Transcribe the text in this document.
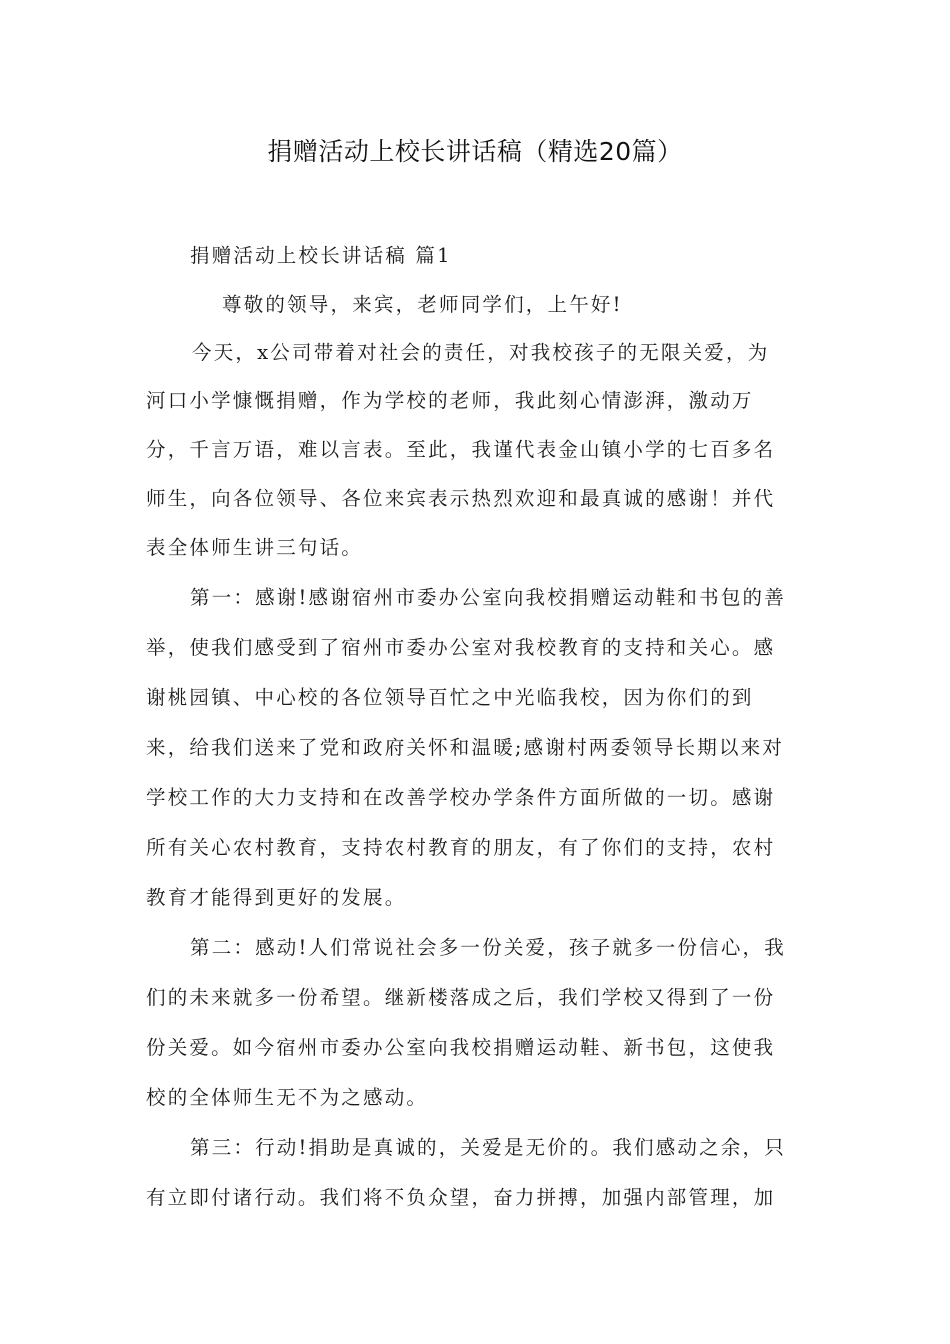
捐赠活动上校长讲话稿（精选20篇）
捐赠活动上校长讲话稿 篇1
尊敬的领导，来宾，老师同学们，上午好!
今天，x公司带着对社会的责任，对我校孩子的无限关爱，为
河口小学慷慨捐赠，作为学校的老师，我此刻心情澎湃，激动万
分，千言万语，难以言表。至此，我谨代表金山镇小学的七百多名
师生，向各位领导、各位来宾表示热烈欢迎和最真诚的感谢！并代
表全体师生讲三句话。
第一：感谢!感谢宿州市委办公室向我校捐赠运动鞋和书包的善
举，使我们感受到了宿州市委办公室对我校教育的支持和关心。感
谢桃园镇、中心校的各位领导百忙之中光临我校，因为你们的到
来，给我们送来了党和政府关怀和温暖;感谢村两委领导长期以来对
学校工作的大力支持和在改善学校办学条件方面所做的一切。感谢
所有关心农村教育，支持农村教育的朋友，有了你们的支持，农村
教育才能得到更好的发展。
第二：感动!人们常说社会多一份关爱，孩子就多一份信心，我
们的未来就多一份希望。继新楼落成之后，我们学校又得到了一份
份关爱。如今宿州市委办公室向我校捐赠运动鞋、新书包，这使我
校的全体师生无不为之感动。
第三：行动!捐助是真诚的，关爱是无价的。我们感动之余，只
有立即付诸行动。我们将不负众望，奋力拼搏，加强内部管理，加
